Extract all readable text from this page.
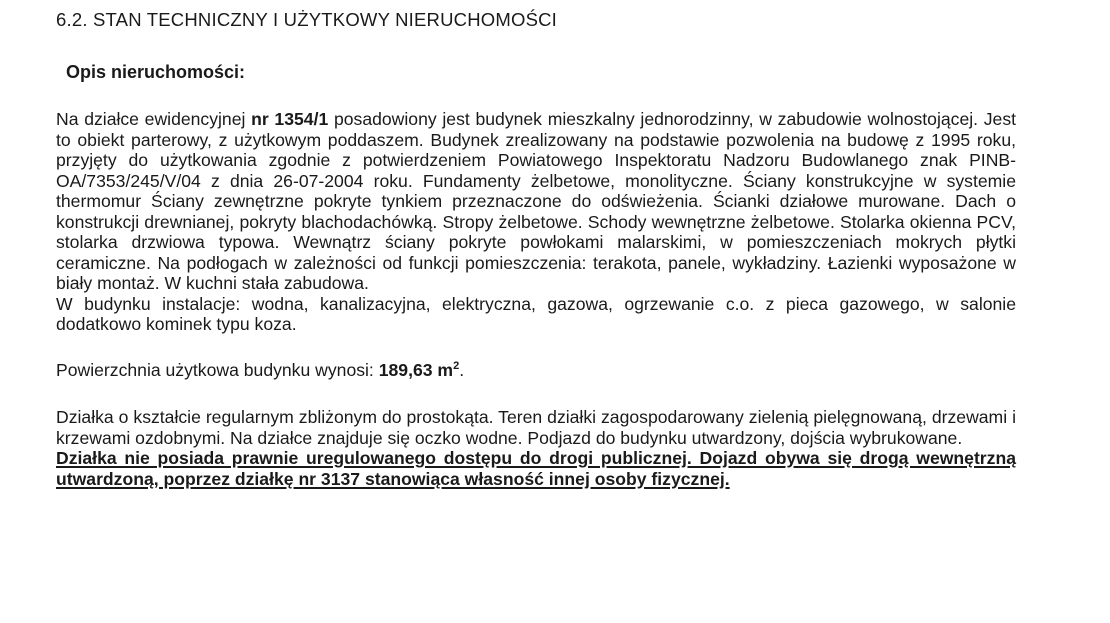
6.2. STAN TECHNICZNY I UŻYTKOWY NIERUCHOMOŚCI

Opis nieruchomości:

Na działce ewidencyjnej nr 1354/1 posadowiony jest budynek mieszkalny jednorodzinny, w zabudowie wolnostojącej. Jest to obiekt parterowy, z użytkowym poddaszem. Budynek zrealizowany na podstawie pozwolenia na budowę z 1995 roku, przyjęty do użytkowania zgodnie z potwierdzeniem Powiatowego Inspektoratu Nadzoru Budowlanego znak PINB-OA/7353/245/V/04 z dnia 26-07-2004 roku. Fundamenty żelbetowe, monolityczne. Ściany konstrukcyjne w systemie thermomur Ściany zewnętrzne pokryte tynkiem przeznaczone do odświeżenia. Ścianki działowe murowane. Dach o konstrukcji drewnianej, pokryty blachodachówką. Stropy żelbetowe. Schody wewnętrzne żelbetowe. Stolarka okienna PCV, stolarka drzwiowa typowa. Wewnątrz ściany pokryte powłokami malarskimi, w pomieszczeniach mokrych płytki ceramiczne. Na podłogach w zależności od funkcji pomieszczenia: terakota, panele, wykładziny. Łazienki wyposażone w biały montaż. W kuchni stała zabudowa.
W budynku instalacje: wodna, kanalizacyjna, elektryczna, gazowa, ogrzewanie c.o. z pieca gazowego, w salonie dodatkowo kominek typu koza.

Powierzchnia użytkowa budynku wynosi: 189,63 $m^2$.

Działka o kształcie regularnym zbliżonym do prostokąta. Teren działki zagospodarowany zielenią pielęgnowaną, drzewami i krzewami ozdobnymi. Na działce znajduje się oczko wodne. Podjazd do budynku utwardzony, dojścia wybrukowane.
Działka nie posiada prawnie uregulowanego dostępu do drogi publicznej. Dojazd obywa się drogą wewnętrzną utwardzoną, poprzez działkę nr 3137 stanowiąca własność innej osoby fizycznej.
